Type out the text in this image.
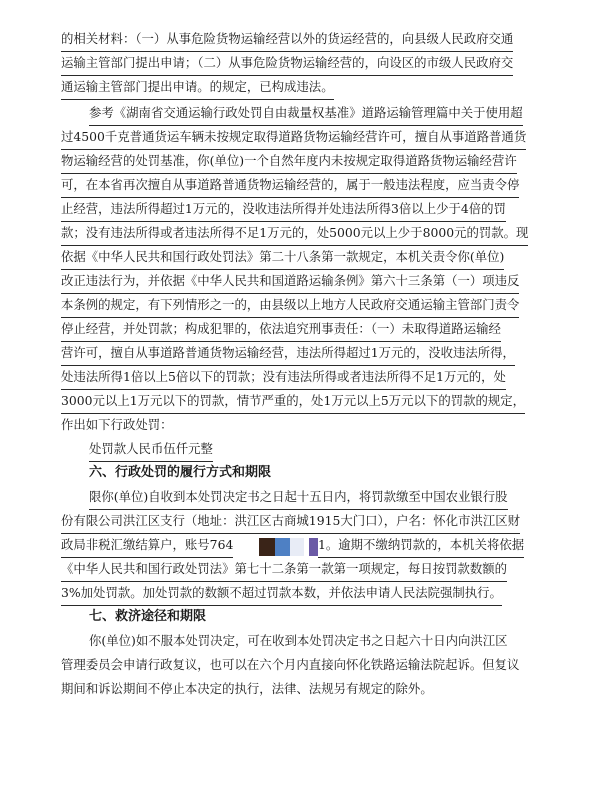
的相关材料：（一）从事危险货物运输经营以外的货运经营的，向县级人民政府交通
运输主管部门提出申请；（二）从事危险货物运输经营的，向设区的市级人民政府交
通运输主管部门提出申请。的规定，已构成违法。
参考《湖南省交通运输行政处罚自由裁量权基准》道路运输管理篇中关于使用超
过4500千克普通货运车辆未按规定取得道路货物运输经营许可，擅自从事道路普通货
物运输经营的处罚基准，你(单位)一个自然年度内未按规定取得道路货物运输经营许
可，在本省再次擅自从事道路普通货物运输经营的，属于一般违法程度，应当责令停
止经营，违法所得超过1万元的，没收违法所得并处违法所得3倍以上少于4倍的罚
款；没有违法所得或者违法所得不足1万元的，处5000元以上少于8000元的罚款。现
依据《中华人民共和国行政处罚法》第二十八条第一款规定，本机关责令你(单位)
改正违法行为，并依据《中华人民共和国道路运输条例》第六十三条第（一）项违反
本条例的规定，有下列情形之一的，由县级以上地方人民政府交通运输主管部门责令
停止经营，并处罚款；构成犯罪的，依法追究刑事责任：（一）未取得道路运输经
营许可，擅自从事道路普通货物运输经营，违法所得超过1万元的，没收违法所得，
处违法所得1倍以上5倍以下的罚款；没有违法所得或者违法所得不足1万元的，处
3000元以上1万元以下的罚款，情节严重的，处1万元以上5万元以下的罚款的规定，
作出如下行政处罚：
处罚款人民币伍仟元整
六、行政处罚的履行方式和期限
限你(单位)自收到本处罚决定书之日起十五日内，将罚款缴至中国农业银行股
份有限公司洪江区支行（地址：洪江区古商城1915大门口），户名：怀化市洪江区财
政局非税汇缴结算户，账号764	1。逾期不缴纳罚款的，本机关将依据
《中华人民共和国行政处罚法》第七十二条第一款第一项规定，每日按罚款数额的
3%加处罚款。加处罚款的数额不超过罚款本数，并依法申请人民法院强制执行。
七、救济途径和期限
你(单位)如不服本处罚决定，可在收到本处罚决定书之日起六十日内向洪江区
管理委员会申请行政复议，也可以在六个月内直接向怀化铁路运输法院起诉。但复议
期间和诉讼期间不停止本决定的执行，法律、法规另有规定的除外。
